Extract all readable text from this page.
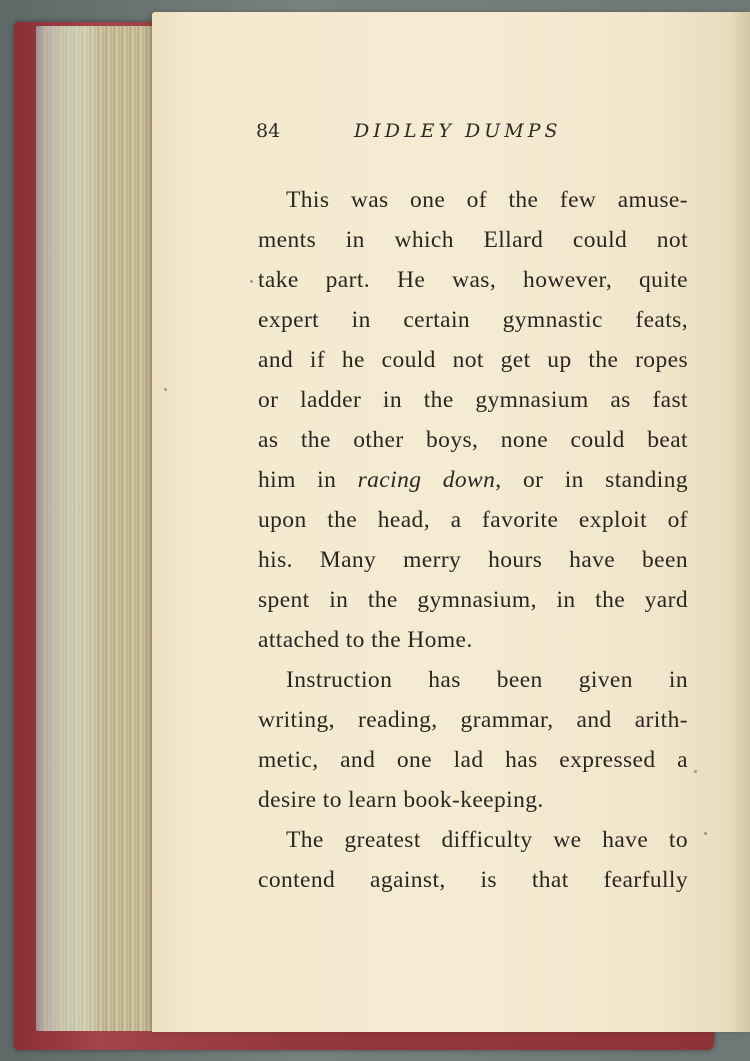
84	DIDLEY DUMPS
This was one of the few amuse-
ments in which Ellard could not
take part. He was, however, quite
expert in certain gymnastic feats,
and if he could not get up the ropes
or ladder in the gymnasium as fast
as the other boys, none could beat
him in racing down, or in standing
upon the head, a favorite exploit of
his. Many merry hours have been
spent in the gymnasium, in the yard
attached to the Home.
Instruction has been given in
writing, reading, grammar, and arith-
metic, and one lad has expressed a
desire to learn book-keeping.
The greatest difficulty we have to
contend against, is that fearfully
